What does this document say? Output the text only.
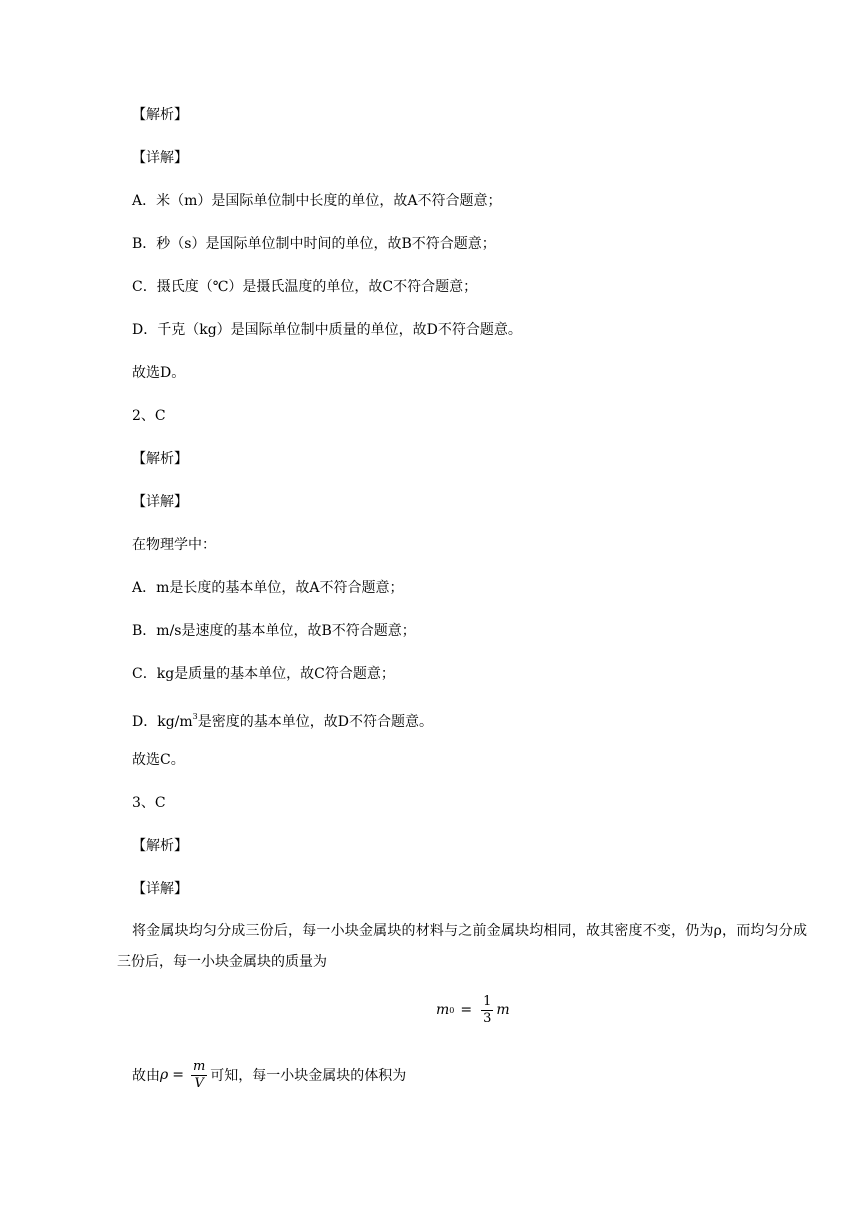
【解析】
【详解】
A．米（m）是国际单位制中长度的单位，故A不符合题意；
B．秒（s）是国际单位制中时间的单位，故B不符合题意；
C．摄氏度（℃）是摄氏温度的单位，故C不符合题意；
D．千克（kg）是国际单位制中质量的单位，故D不符合题意。
故选D。
2、C
【解析】
【详解】
在物理学中：
A．m是长度的基本单位，故A不符合题意；
B．m/s是速度的基本单位，故B不符合题意；
C．kg是质量的基本单位，故C符合题意；
D．$kg/m^3$是密度的基本单位，故D不符合题意。
故选C。
3、C
【解析】
【详解】
将金属块均匀分成三份后，每一小块金属块的材料与之前金属块均相同，故其密度不变，仍为ρ，而均匀分成三份后，每一小块金属块的质量为
m $0 = \frac{1}{3}$ m
故由 $\rho = \frac{m}{V}$ 可知，每一小块金属块的体积为
